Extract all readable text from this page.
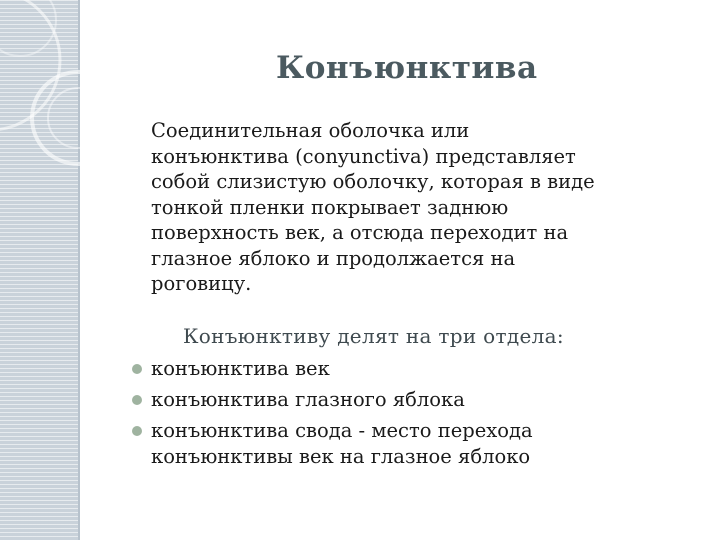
Конъюнктива
Соединительная оболочка или
конъюнктива (conyunctiva) представляет
собой слизистую оболочку, которая в виде
тонкой пленки покрывает заднюю
поверхность век, а отсюда переходит на
глазное яблоко и продолжается на
роговицу.
Конъюнктиву делят на три отдела:
конъюнктива век
конъюнктива глазного яблока
конъюнктива свода - место перехода
конъюнктивы век на глазное яблоко
